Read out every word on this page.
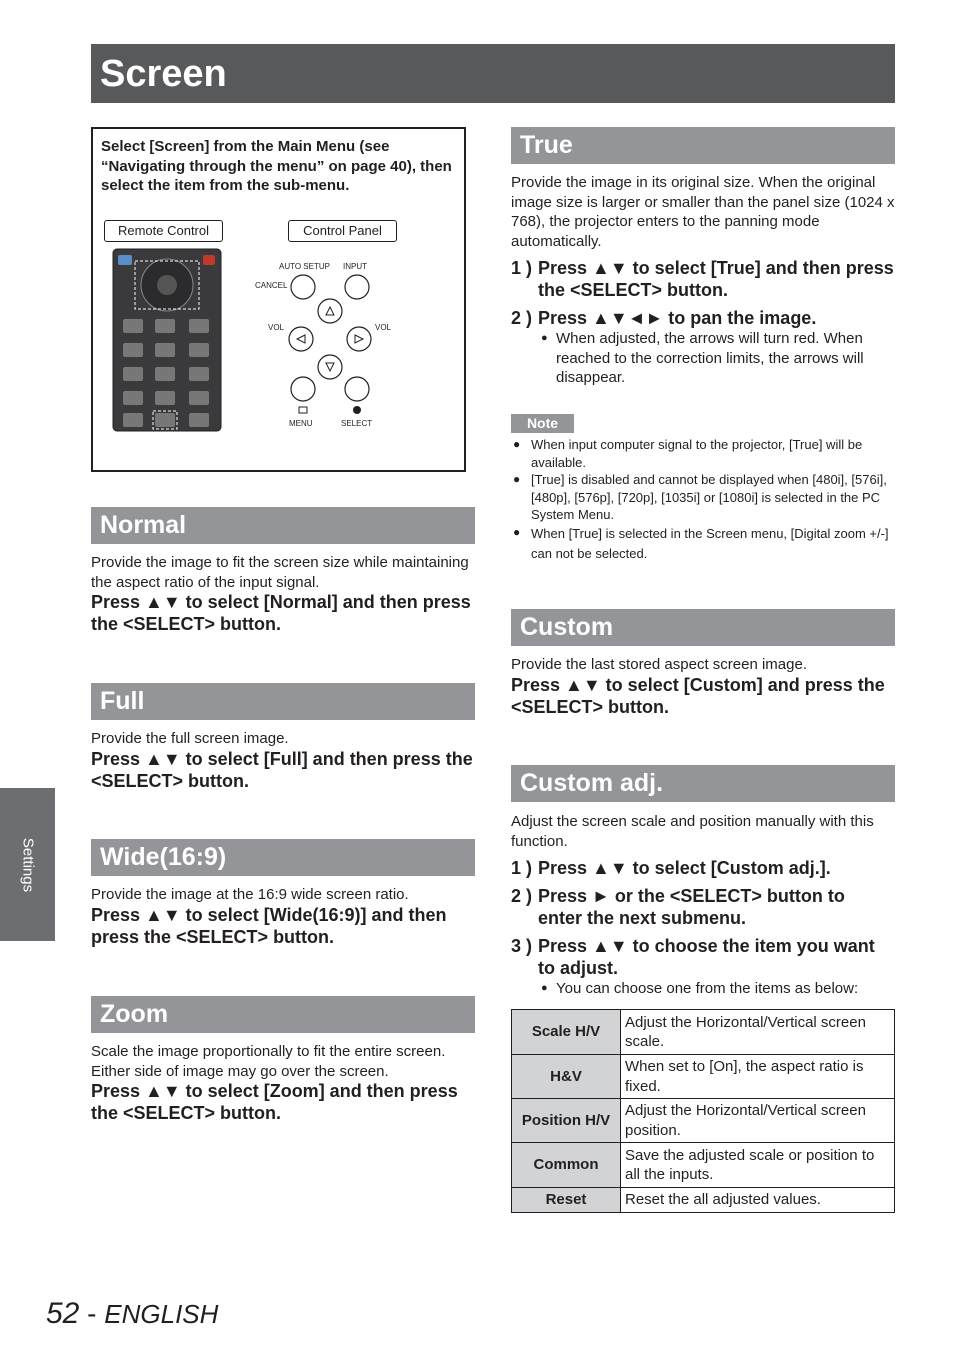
Screen
Select [Screen] from the Main Menu (see “Navigating through the menu” on page 40), then select the item from the sub-menu.
Remote Control	Control Panel
AUTO SETUP INPUT
CANCEL
VOL	VOL
MENU	SELECT
Normal

Provide the image to fit the screen size while maintaining the aspect ratio of the input signal.

Press ▲▼ to select [Normal] and then press the <SELECT> button.

Full

Provide the full screen image.

Press ▲▼ to select [Full] and then press the <SELECT> button.

Wide(16:9)

Provide the image at the 16:9 wide screen ratio.

Press ▲▼ to select [Wide(16:9)] and then press the <SELECT> button.

Zoom

Scale the image proportionally to fit the entire screen. Either side of image may go over the screen.

Press ▲▼ to select [Zoom] and then press the <SELECT> button.

True

Provide the image in its original size. When the original image size is larger or smaller than the panel size (1024 x 768), the projector enters to the panning mode automatically.

1 ) Press ▲▼ to select [True] and then press the <SELECT> button.
2 ) Press ▲▼◄► to pan the image.
● When adjusted, the arrows will turn red. When reached to the correction limits, the arrows will disappear.
Note
● When input computer signal to the projector, [True] will be available.
● [True] is disabled and cannot be displayed when [480i], [576i], [480p], [576p], [720p], [1035i] or [1080i] is selected in the PC System Menu.
● When [True] is selected in the Screen menu, [Digital zoom +/-] can not be selected.
Custom

Provide the last stored aspect screen image.

Press ▲▼ to select [Custom] and press the <SELECT> button.

Custom adj.

Adjust the screen scale and position manually with this function.

1 ) Press ▲▼ to select [Custom adj.].
2 ) Press ► or the <SELECT> button to enter the next submenu.
3 ) Press ▲▼ to choose the item you want to adjust.
● You can choose one from the items as below:
Scale H/V	Adjust the Horizontal/Vertical screen scale.
H&V	When set to [On], the aspect ratio is fixed.
Position H/V	Adjust the Horizontal/Vertical screen position.
Common	Save the adjusted scale or position to all the inputs.
Reset	Reset the all adjusted values.
Settings
52 - ENGLISH
